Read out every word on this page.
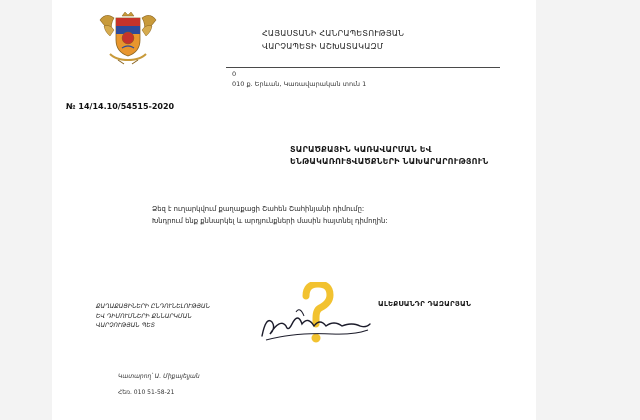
ՀԱՅԱՍՏԱՆԻ ՀԱՆՐԱՊԵՏՈՒԹՅԱՆ
ՎԱՐՉԱՊԵՏԻ ԱՇԽԱՏԱԿԱԶՄ
0
010 ք. Երևան, Կառավարական տուն 1
№ 14/14.10/54515-2020
ՏԱՐԱԾՔԱՅԻՆ ԿԱՌԱՎԱՐՄԱՆ ԵՎ
ԵՆԹԱԿԱՌՈՒՑՎԱԾՔՆԵՐԻ ՆԱԽԱՐԱՐՈՒԹՅՈՒՆ
Ձեզ է ուղարկվում քաղաքացի Շահեն Շահինյանի դիմումը:
Խնդրում ենք քննարկել և արդյունքների մասին հայտնել դիմողին:
ՔԱՂԱՔԱՑԻՆԵՐԻ ԸՆԴՈՒՆԵԼՈՒԹՅԱՆ
ԵՎ ԴԻՄՈՒՄՆԵՐԻ ՔՆՆԱՐԿՄԱՆ
ՎԱՐՉՈՒԹՅԱՆ ՊԵՏ
ԱԼԵՔՍԱՆԴՐ ԴԱԶԱՐՅԱՆ
Կատարող՝ Ա. Միքայելյան
Հեռ. 010 51-58-21
